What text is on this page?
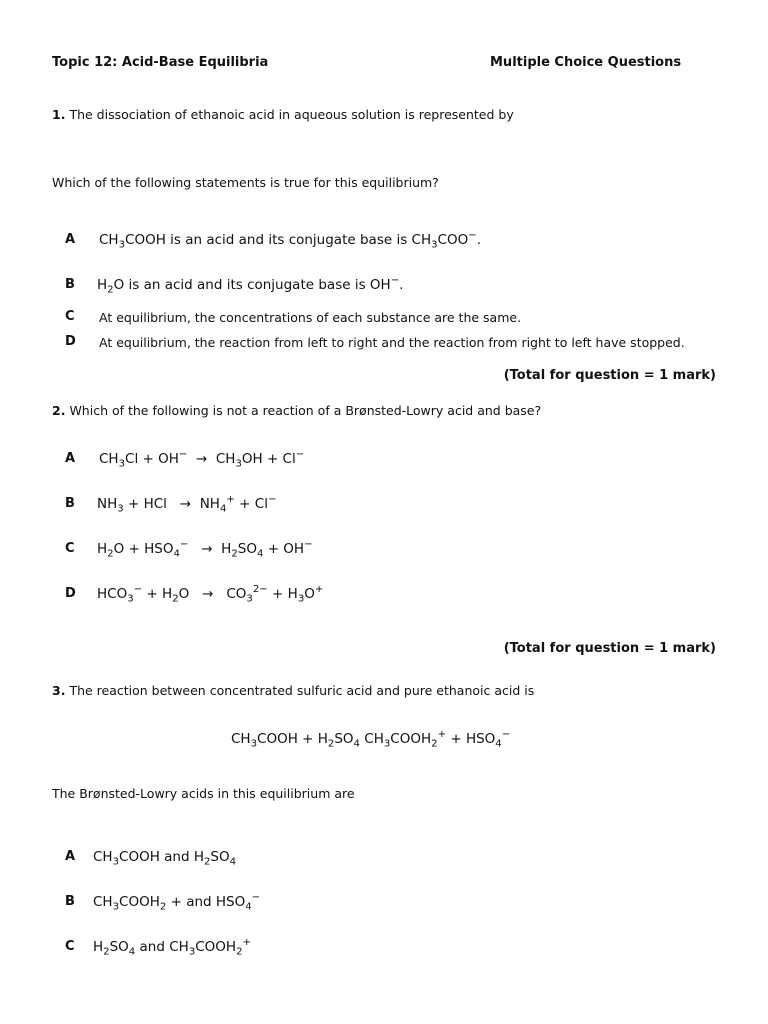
Topic 12: Acid-Base Equilibria	Multiple Choice Questions
1. The dissociation of ethanoic acid in aqueous solution is represented by
Which of the following statements is true for this equilibrium?
A $CH_3COOH$ is an acid and its conjugate base is $CH_3COO^-$.
B $H_2O$ is an acid and its conjugate base is OH−.
C At equilibrium, the concentrations of each substance are the same.
D At equilibrium, the reaction from left to right and the reaction from right to left have stopped.
(Total for question = 1 mark)
2. Which of the following is not a reaction of a Brønsted-Lowry acid and base?
A $CH_3Cl + OH^- \to CH_3OH + Cl^-$
B $NH_3$ + HCl → $NH_4^+ + Cl^-$
C $H_2O + HSO_4^- \to H_2SO_4 + OH^-$
D $HCO_3^- + H_2O \to CO_3^{2-} + H_3O^+$
(Total for question = 1 mark)
3. The reaction between concentrated sulfuric acid and pure ethanoic acid is
$CH_3COOH + H_2SO_4$ $CH_3COOH_2^+ + HSO_4^-$
The Brønsted-Lowry acids in this equilibrium are
A $CH_3COOH$ and $H_2SO_4$
B $CH_3COOH_2$ + and $HSO_4^-$
C $H_2SO_4$ and $CH_3COOH_2^+$
